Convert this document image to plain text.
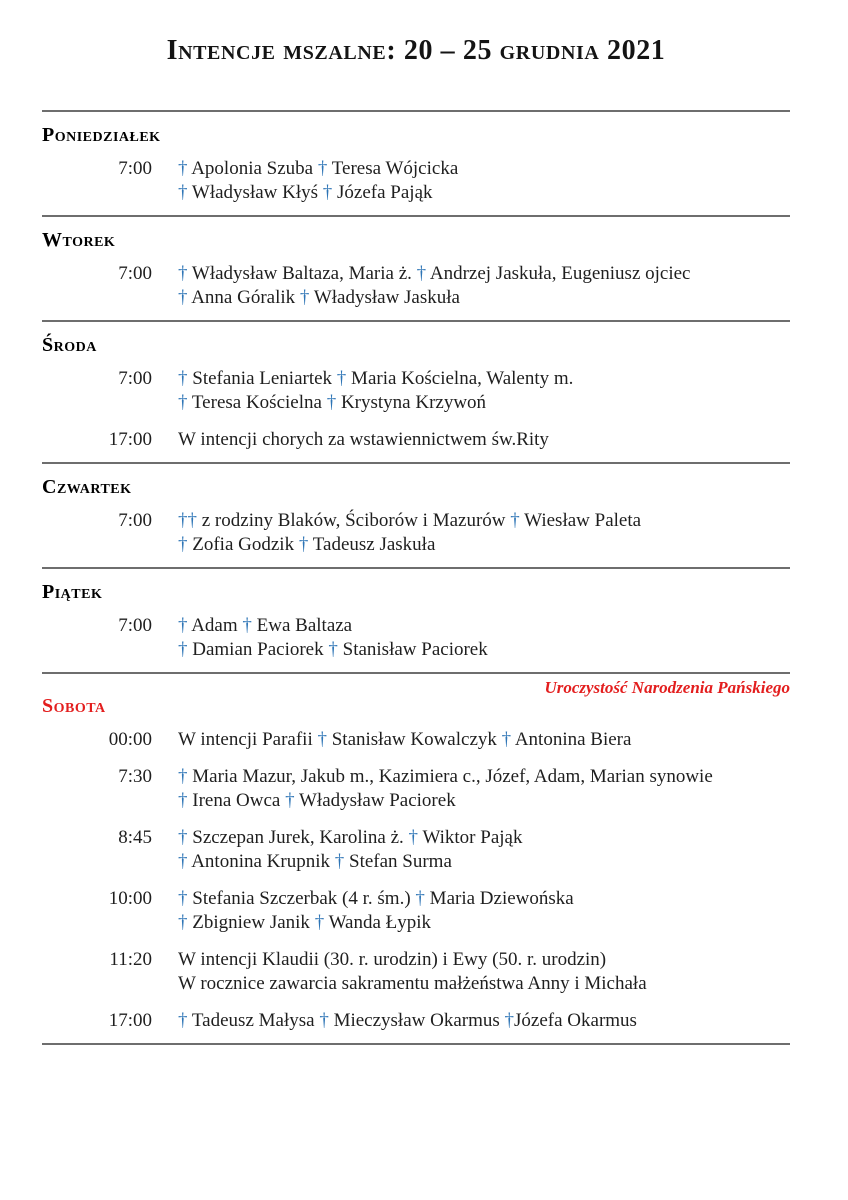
Intencje mszalne: 20 – 25 grudnia 2021
Poniedziałek
7:00 † Apolonia Szuba † Teresa Wójcicka
† Władysław Kłyś † Józefa Pająk
Wtorek
7:00 † Władysław Baltaza, Maria ż. † Andrzej Jaskuła, Eugeniusz ojciec
† Anna Góralik † Władysław Jaskuła
Środa
7:00 † Stefania Leniartek † Maria Kościelna, Walenty m.
† Teresa Kościelna † Krystyna Krzywoń
17:00 W intencji chorych za wstawiennictwem św.Rity
Czwartek
7:00 †† z rodziny Blaków, Ściborów i Mazurów † Wiesław Paleta
† Zofia Godzik † Tadeusz Jaskuła
Piątek
7:00 † Adam † Ewa Baltaza
† Damian Paciorek † Stanisław Paciorek
Uroczystość Narodzenia Pańskiego
Sobota
00:00 W intencji Parafii † Stanisław Kowalczyk † Antonina Biera
7:30 † Maria Mazur, Jakub m., Kazimiera c., Józef, Adam, Marian synowie
† Irena Owca † Władysław Paciorek
8:45 † Szczepan Jurek, Karolina ż. † Wiktor Pająk
† Antonina Krupnik † Stefan Surma
10:00 † Stefania Szczerbak (4 r. śm.) † Maria Dziewońska
† Zbigniew Janik † Wanda Łypik
11:20 W intencji Klaudii (30. r. urodzin) i Ewy (50. r. urodzin)
W rocznice zawarcia sakramentu małżeństwa Anny i Michała
17:00 † Tadeusz Małysa † Mieczysław Okarmus †Józefa Okarmus
